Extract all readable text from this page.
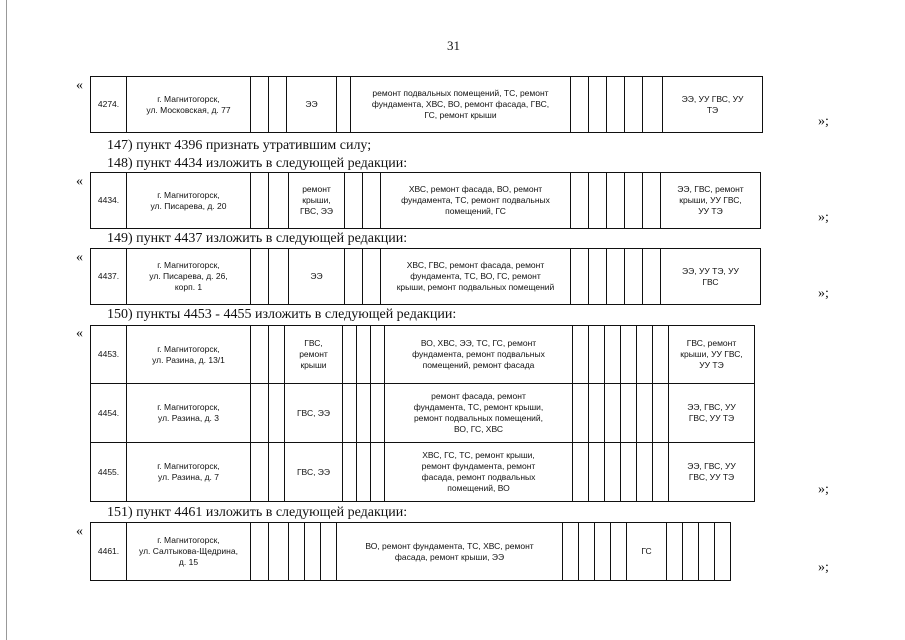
31
«
4274.	г. Магнитогорск,
ул. Московская, д. 77			ЭЭ		ремонт подвальных помещений, ТС, ремонт
фундамента, ХВС, ВО, ремонт фасада, ГВС,
ГС, ремонт крыши						ЭЭ, УУ ГВС, УУ
ТЭ
»;
147) пункт 4396 признать утратившим силу;
148) пункт 4434 изложить в следующей редакции:
«
4434.	г. Магнитогорск,
ул. Писарева, д. 20			ремонт
крыши,
ГВС, ЭЭ			ХВС, ремонт фасада, ВО, ремонт
фундамента, ТС, ремонт подвальных
помещений, ГС						ЭЭ, ГВС, ремонт
крыши, УУ ГВС,
УУ ТЭ	»;
149) пункт 4437 изложить в следующей редакции:
«
4437.	г. Магнитогорск,
ул. Писарева, д. 26,
корп. 1			ЭЭ			ХВС, ГВС, ремонт фасада, ремонт
фундамента, ТС, ВО, ГС, ремонт
крыши, ремонт подвальных помещений						ЭЭ, УУ ТЭ, УУ
ГВС
»;
150) пункты 4453 - 4455 изложить в следующей редакции:
«
4453.	г. Магнитогорск,
ул. Разина, д. 13/1			ГВС,
ремонт
крыши				ВО, ХВС, ЭЭ, ТС, ГС, ремонт
фундамента, ремонт подвальных
помещений, ремонт фасада							ГВС, ремонт
крыши, УУ ГВС,
УУ ТЭ
4454.	г. Магнитогорск,
ул. Разина, д. 3			ГВС, ЭЭ				ремонт фасада, ремонт
фундамента, ТС, ремонт крыши,
ремонт подвальных помещений,
ВО, ГС, ХВС							ЭЭ, ГВС, УУ
ГВС, УУ ТЭ
4455.	г. Магнитогорск,
ул. Разина, д. 7			ГВС, ЭЭ				ХВС, ГС, ТС, ремонт крыши,
ремонт фундамента, ремонт
фасада, ремонт подвальных
помещений, ВО							ЭЭ, ГВС, УУ
ГВС, УУ ТЭ
»;
151) пункт 4461 изложить в следующей редакции:
«
4461.	г. Магнитогорск,
ул. Салтыкова-Щедрина,
д. 15						ВО, ремонт фундамента, ТС, ХВС, ремонт
фасада, ремонт крыши, ЭЭ					ГС				
»;
